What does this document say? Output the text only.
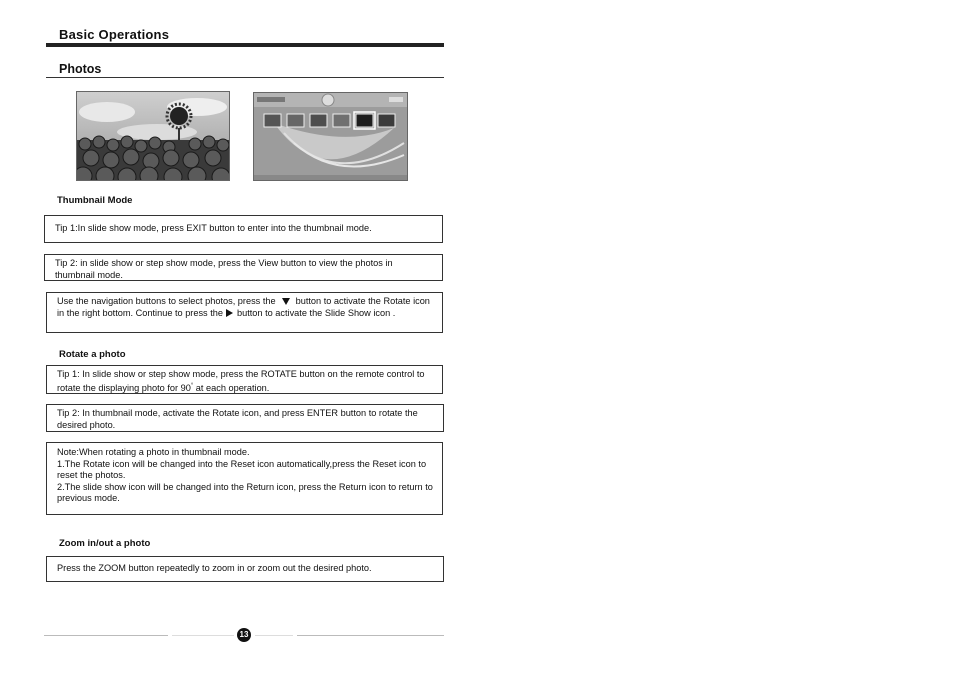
Basic Operations
Photos
Thumbnail Mode
Tip 1:In slide show mode, press EXIT button to enter into the thumbnail mode.
Tip 2: in slide show or step show mode, press the View button to view the photos in thumbnail mode.
Use the navigation buttons to select photos, press the button to activate the Rotate icon in the right bottom. Continue to press the button to activate the Slide Show icon .
Rotate a photo
Tip 1: In slide show or step show mode, press the ROTATE button on the remote control to rotate the displaying photo for 90° at each operation.
Tip 2: In thumbnail mode, activate the Rotate icon, and press ENTER button to rotate the desired photo.
Note:When rotating a photo in thumbnail mode.
1.The Rotate icon will be changed into the Reset icon automatically,press the Reset icon to reset the photos.
2.The slide show icon will be changed into the Return icon, press the Return icon to return to previous mode.
Zoom in/out a photo
Press the ZOOM button repeatedly to zoom in or zoom out the desired photo.
13
